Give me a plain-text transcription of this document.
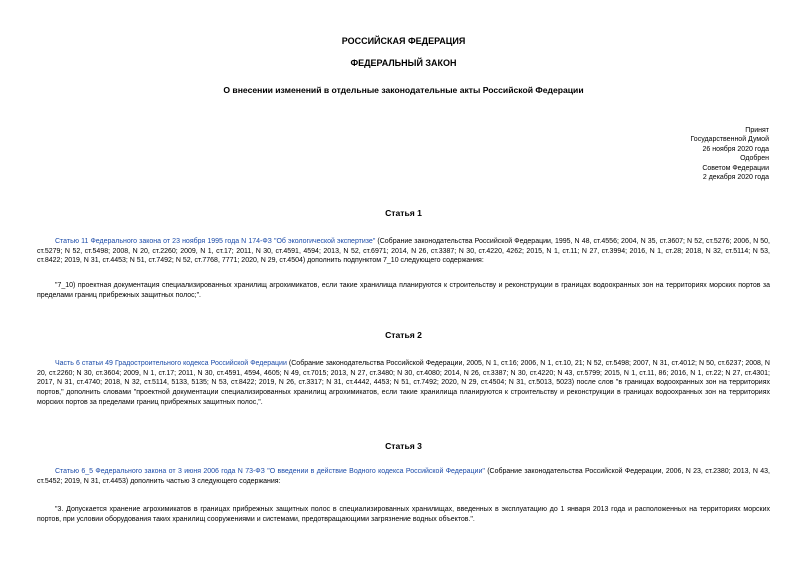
РОССИЙСКАЯ ФЕДЕРАЦИЯ
ФЕДЕРАЛЬНЫЙ ЗАКОН
О внесении изменений в отдельные законодательные акты Российской Федерации
Принят
Государственной Думой
26 ноября 2020 года
Одобрен
Советом Федерации
2 декабря 2020 года
Статья 1
Статью 11 Федерального закона от 23 ноября 1995 года N 174-ФЗ "Об экологической экспертизе" (Собрание законодательства Российской Федерации, 1995, N 48, ст.4556; 2004, N 35, ст.3607; N 52, ст.5276; 2006, N 50, ст.5279; N 52, ст.5498; 2008, N 20, ст.2260; 2009, N 1, ст.17; 2011, N 30, ст.4591, 4594; 2013, N 52, ст.6971; 2014, N 26, ст.3387; N 30, ст.4220, 4262; 2015, N 1, ст.11; N 27, ст.3994; 2016, N 1, ст.28; 2018, N 32, ст.5114; N 53, ст.8422; 2019, N 31, ст.4453; N 51, ст.7492; N 52, ст.7768, 7771; 2020, N 29, ст.4504) дополнить подпунктом 7_10 следующего содержания:
"7_10) проектная документация специализированных хранилищ агрохимикатов, если такие хранилища планируются к строительству и реконструкции в границах водоохранных зон на территориях морских портов за пределами границ прибрежных защитных полос;".
Статья 2
Часть 6 статьи 49 Градостроительного кодекса Российской Федерации (Собрание законодательства Российской Федерации, 2005, N 1, ст.16; 2006, N 1, ст.10, 21; N 52, ст.5498; 2007, N 31, ст.4012; N 50, ст.6237; 2008, N 20, ст.2260; N 30, ст.3604; 2009, N 1, ст.17; 2011, N 30, ст.4591, 4594, 4605; N 49, ст.7015; 2013, N 27, ст.3480; N 30, ст.4080; 2014, N 26, ст.3387; N 30, ст.4220; N 43, ст.5799; 2015, N 1, ст.11, 86; 2016, N 1, ст.22; N 27, ст.4301; 2017, N 31, ст.4740; 2018, N 32, ст.5114, 5133, 5135; N 53, ст.8422; 2019, N 26, ст.3317; N 31, ст.4442, 4453; N 51, ст.7492; 2020, N 29, ст.4504; N 31, ст.5013, 5023) после слов "в границах водоохранных зон на территориях портов," дополнить словами "проектной документации специализированных хранилищ агрохимикатов, если такие хранилища планируются к строительству и реконструкции в границах водоохранных зон на территориях морских портов за пределами границ прибрежных защитных полос,".
Статья 3
Статью 6_5 Федерального закона от 3 июня 2006 года N 73-ФЗ "О введении в действие Водного кодекса Российской Федерации" (Собрание законодательства Российской Федерации, 2006, N 23, ст.2380; 2013, N 43, ст.5452; 2019, N 31, ст.4453) дополнить частью 3 следующего содержания:
"3. Допускается хранение агрохимикатов в границах прибрежных защитных полос в специализированных хранилищах, введенных в эксплуатацию до 1 января 2013 года и расположенных на территориях морских портов, при условии оборудования таких хранилищ сооружениями и системами, предотвращающими загрязнение водных объектов.".
